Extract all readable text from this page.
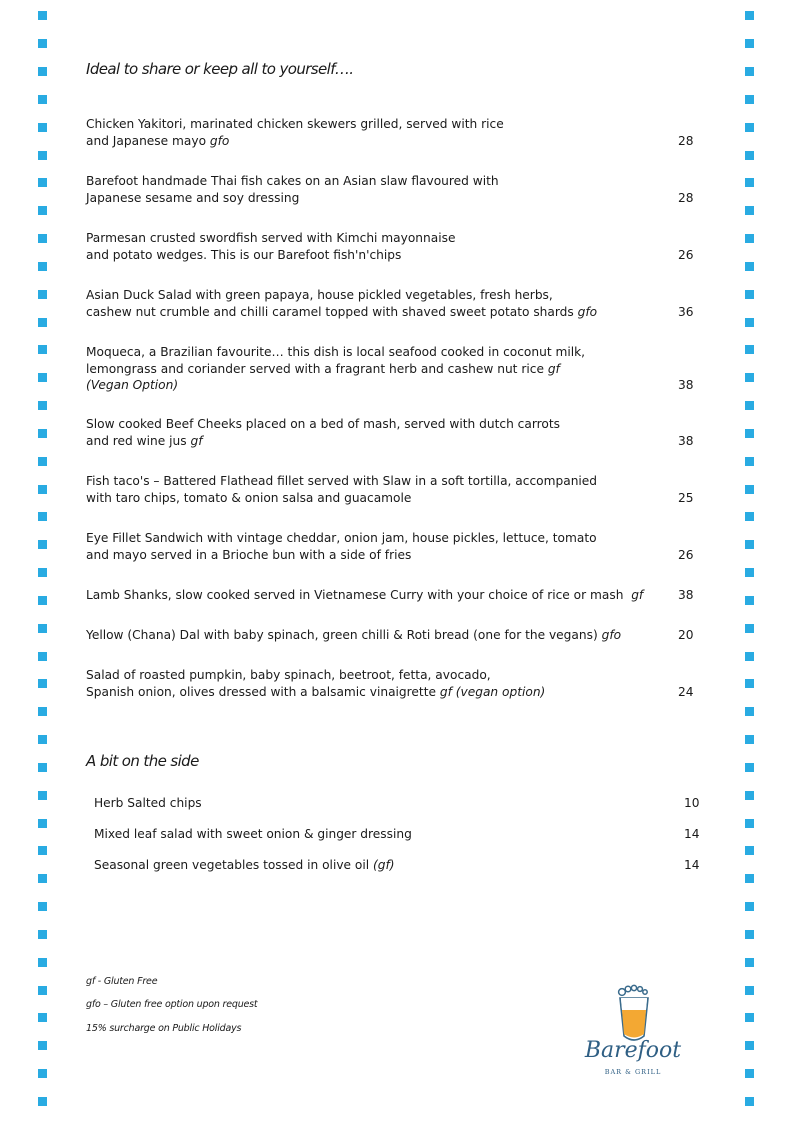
Ideal to share or keep all to yourself….
Chicken Yakitori, marinated chicken skewers grilled, served with rice
and Japanese mayo gfo	28
Barefoot handmade Thai fish cakes on an Asian slaw flavoured with
Japanese sesame and soy dressing	28
Parmesan crusted swordfish served with Kimchi mayonnaise
and potato wedges. This is our Barefoot fish'n'chips	26
Asian Duck Salad with green papaya, house pickled vegetables, fresh herbs,
cashew nut crumble and chilli caramel topped with shaved sweet potato shards gfo	36
Moqueca, a Brazilian favourite… this dish is local seafood cooked in coconut milk,
lemongrass and coriander served with a fragrant herb and cashew nut rice gf
(Vegan Option)	38
Slow cooked Beef Cheeks placed on a bed of mash, served with dutch carrots
and red wine jus gf	38
Fish taco's – Battered Flathead fillet served with Slaw in a soft tortilla, accompanied
with taro chips, tomato & onion salsa and guacamole	25
Eye Fillet Sandwich with vintage cheddar, onion jam, house pickles, lettuce, tomato
and mayo served in a Brioche bun with a side of fries	26
Lamb Shanks, slow cooked served in Vietnamese Curry with your choice of rice or mash  gf	38
Yellow (Chana) Dal with baby spinach, green chilli & Roti bread (one for the vegans) gfo	20
Salad of roasted pumpkin, baby spinach, beetroot, fetta, avocado,
Spanish onion, olives dressed with a balsamic vinaigrette gf (vegan option)	24
A bit on the side
Herb Salted chips	10
Mixed leaf salad with sweet onion & ginger dressing	14
Seasonal green vegetables tossed in olive oil (gf)	14
gf - Gluten Free
gfo – Gluten free option upon request
15% surcharge on Public Holidays
Barefoot
BAR & GRILL
